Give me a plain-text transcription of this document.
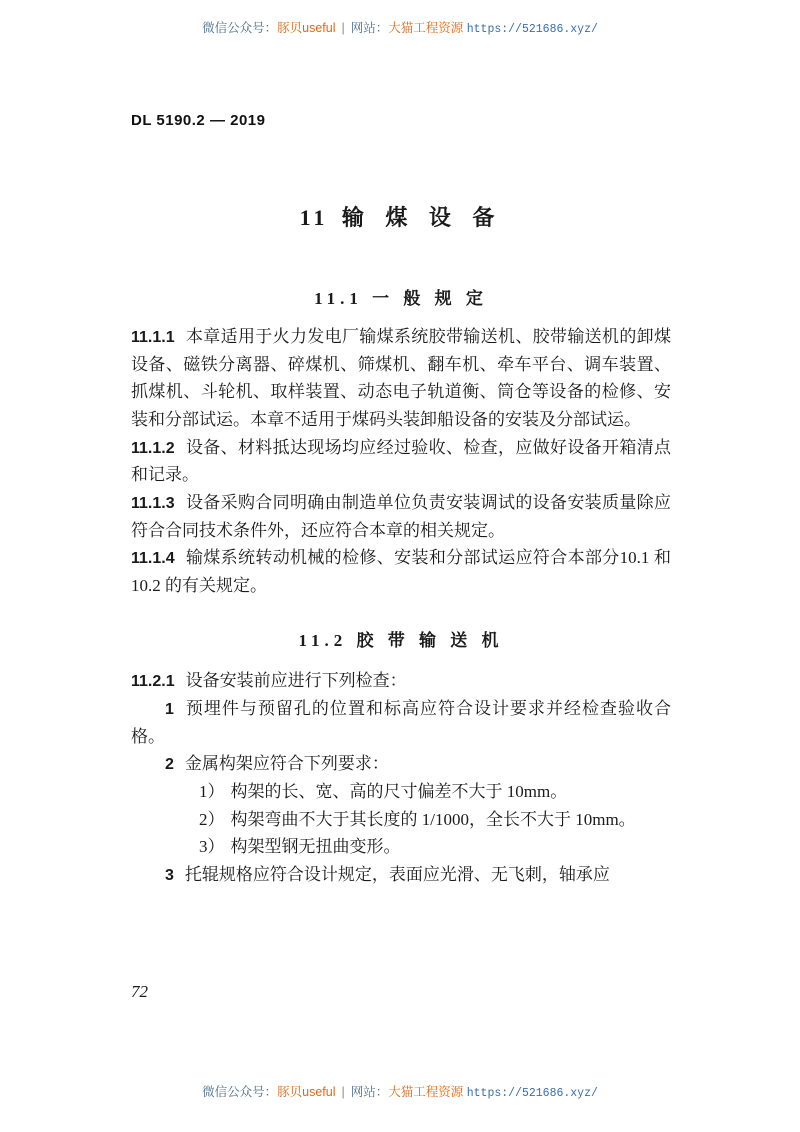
微信公众号：豚贝useful | 网站：大猫工程资源 https://521686.xyz/
DL 5190.2 — 2019
11 输 煤 设 备
11.1 一 般 规 定

11.1.1 本章适用于火力发电厂输煤系统胶带输送机、胶带输送机的卸煤设备、磁铁分离器、碎煤机、筛煤机、翻车机、牵车平台、调车装置、抓煤机、斗轮机、取样装置、动态电子轨道衡、筒仓等设备的检修、安装和分部试运。本章不适用于煤码头装卸船设备的安装及分部试运。

11.1.2 设备、材料抵达现场均应经过验收、检查，应做好设备开箱清点和记录。

11.1.3 设备采购合同明确由制造单位负责安装调试的设备安装质量除应符合合同技术条件外，还应符合本章的相关规定。

11.1.4 输煤系统转动机械的检修、安装和分部试运应符合本部分10.1 和 10.2 的有关规定。

11.2 胶 带 输 送 机

11.2.1 设备安装前应进行下列检查：

1 预埋件与预留孔的位置和标高应符合设计要求并经检查验收合格。

2 金属构架应符合下列要求：

1） 构架的长、宽、高的尺寸偏差不大于 10mm。

2） 构架弯曲不大于其长度的 1/1000，全长不大于 10mm。

3） 构架型钢无扭曲变形。

3 托辊规格应符合设计规定，表面应光滑、无飞刺，轴承应

72
微信公众号：豚贝useful | 网站：大猫工程资源 https://521686.xyz/
